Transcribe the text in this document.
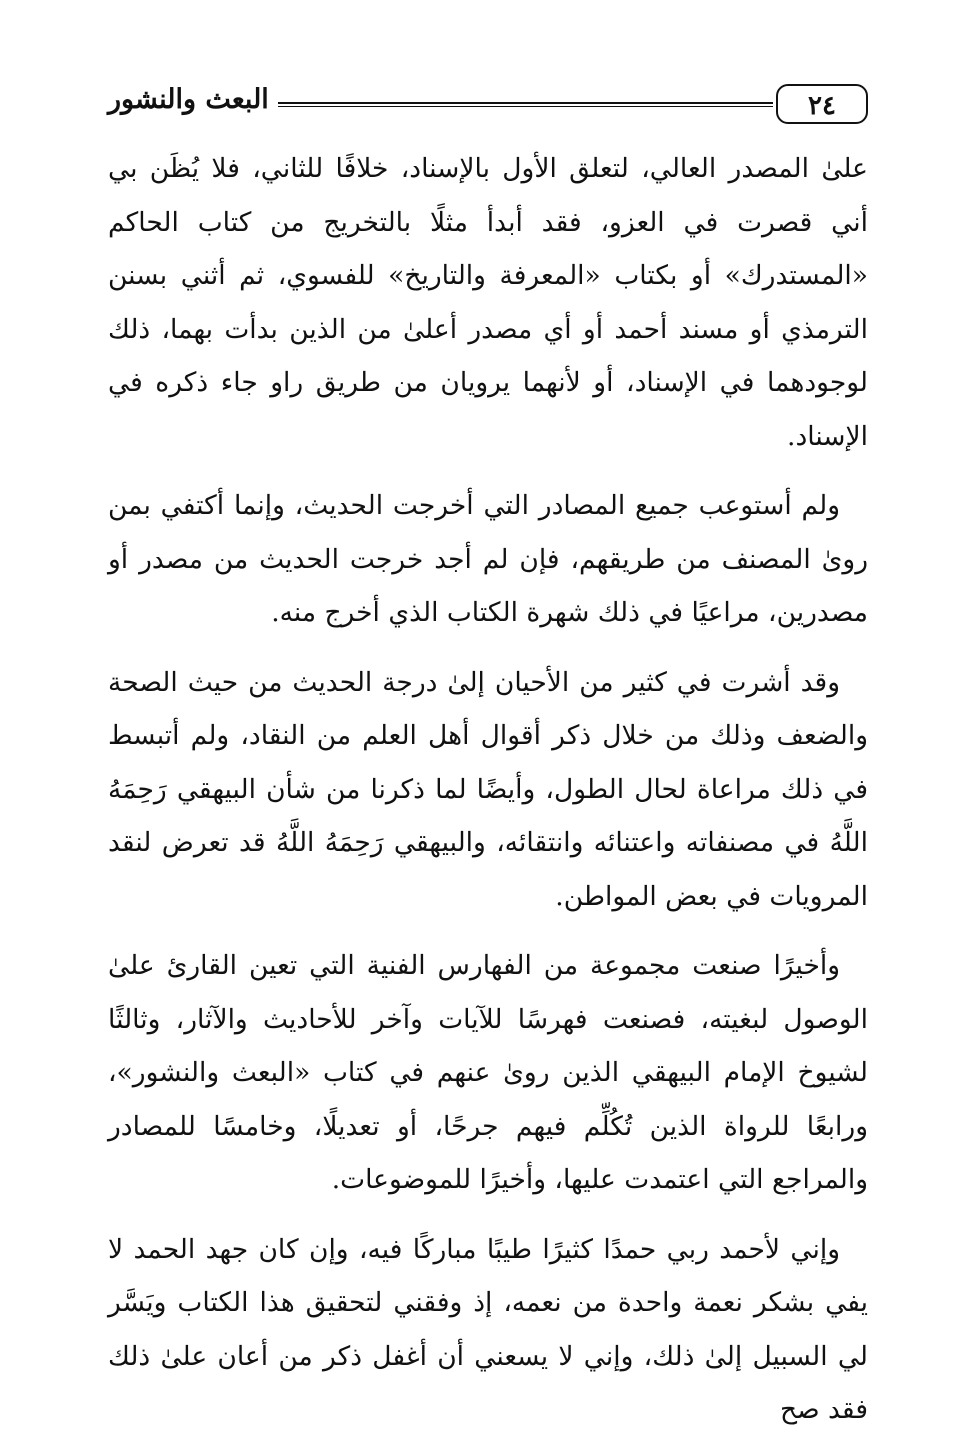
البعث والنشور	٢٤

علىٰ المصدر العالي، لتعلق الأول بالإسناد، خلافًا للثاني، فلا يُظَن بي أني قصرت في العزو، فقد أبدأ مثلًا بالتخريج من كتاب الحاكم «المستدرك» أو بكتاب «المعرفة والتاريخ» للفسوي، ثم أثني بسنن الترمذي أو مسند أحمد أو أي مصدر أعلىٰ من الذين بدأت بهما، ذلك لوجودهما في الإسناد، أو لأنهما يرويان من طريق راو جاء ذكره في الإسناد.

ولم أستوعب جميع المصادر التي أخرجت الحديث، وإنما أكتفي بمن روىٰ المصنف من طريقهم، فإن لم أجد خرجت الحديث من مصدر أو مصدرين، مراعيًا في ذلك شهرة الكتاب الذي أخرج منه.

وقد أشرت في كثير من الأحيان إلىٰ درجة الحديث من حيث الصحة والضعف وذلك من خلال ذكر أقوال أهل العلم من النقاد، ولم أتبسط في ذلك مراعاة لحال الطول، وأيضًا لما ذكرنا من شأن البيهقي رَحِمَهُ اللَّهُ في مصنفاته واعتنائه وانتقائه، والبيهقي رَحِمَهُ اللَّهُ قد تعرض لنقد المرويات في بعض المواطن.

وأخيرًا صنعت مجموعة من الفهارس الفنية التي تعين القارئ علىٰ الوصول لبغيته، فصنعت فهرسًا للآيات وآخر للأحاديث والآثار، وثالثًا لشيوخ الإمام البيهقي الذين روىٰ عنهم في كتاب «البعث والنشور»، ورابعًا للرواة الذين تُكُلِّم فيهم جرحًا، أو تعديلًا، وخامسًا للمصادر والمراجع التي اعتمدت عليها، وأخيرًا للموضوعات.

وإني لأحمد ربي حمدًا كثيرًا طيبًا مباركًا فيه، وإن كان جهد الحمد لا يفي بشكر نعمة واحدة من نعمه، إذ وفقني لتحقيق هذا الكتاب ويَسَّر لي السبيل إلىٰ ذلك، وإني لا يسعني أن أغفل ذكر من أعان علىٰ ذلك فقد صح
